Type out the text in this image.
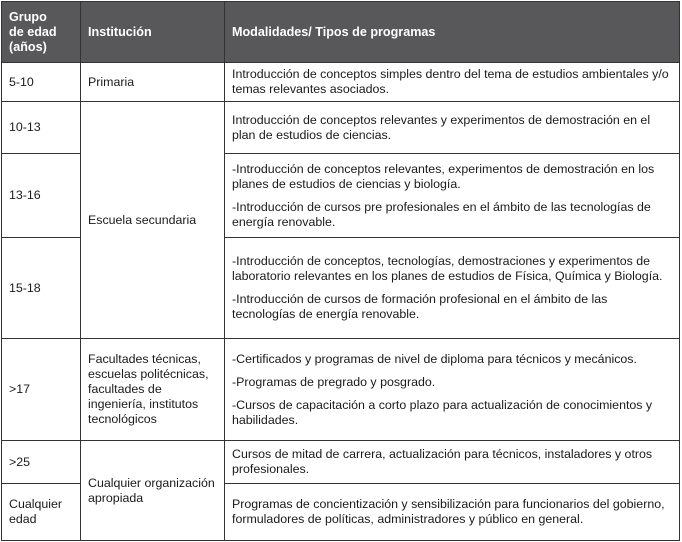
Grupo de edad (años)	Institución	Modalidades/ Tipos de programas
5-10	Primaria	Introducción de conceptos simples dentro del tema de estudios ambientales y/o temas relevantes asociados.

10-13	Escuela secundaria	Introducción de conceptos relevantes y experimentos de demostración en el plan de estudios de ciencias.

13-16		-Introducción de conceptos relevantes, experimentos de demostración en los planes de estudios de ciencias y biología.

-Introducción de cursos pre profesionales en el ámbito de las tecnologías de energía renovable.

15-18		-Introducción de conceptos, tecnologías, demostraciones y experimentos de laboratorio relevantes en los planes de estudios de Física, Química y Biología.

-Introducción de cursos de formación profesional en el ámbito de las tecnologías de energía renovable.

>17	Facultades técnicas, escuelas politécnicas, facultades de ingeniería, institutos tecnológicos	-Certificados y programas de nivel de diploma para técnicos y mecánicos.

-Programas de pregrado y posgrado.

-Cursos de capacitación a corto plazo para actualización de conocimientos y habilidades.

>25	Cualquier organización apropiada	Cursos de mitad de carrera, actualización para técnicos, instaladores y otros profesionales.

Cualquier edad		Programas de concientización y sensibilización para funcionarios del gobierno, formuladores de políticas, administradores y público en general.
